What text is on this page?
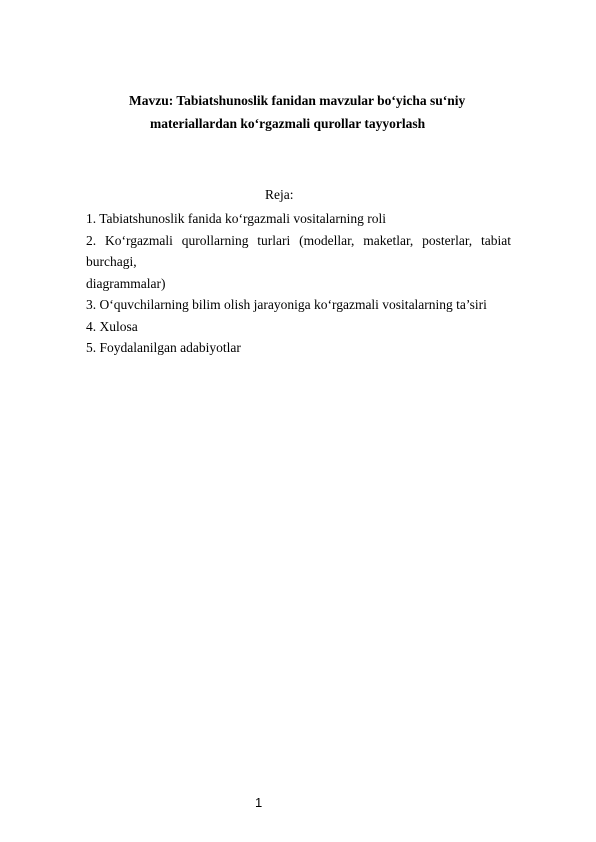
Mavzu: Tabiatshunoslik fanidan mavzular bo‘yicha su‘niy
materiallardan ko‘rgazmali qurollar tayyorlash
Reja:
1. Tabiatshunoslik fanida ko‘rgazmali vositalarning roli
2. Ko‘rgazmali qurollarning turlari (modellar, maketlar, posterlar, tabiat burchagi,
diagrammalar)
3. O‘quvchilarning bilim olish jarayoniga ko‘rgazmali vositalarning ta’siri
4. Xulosa
5. Foydalanilgan adabiyotlar
1
